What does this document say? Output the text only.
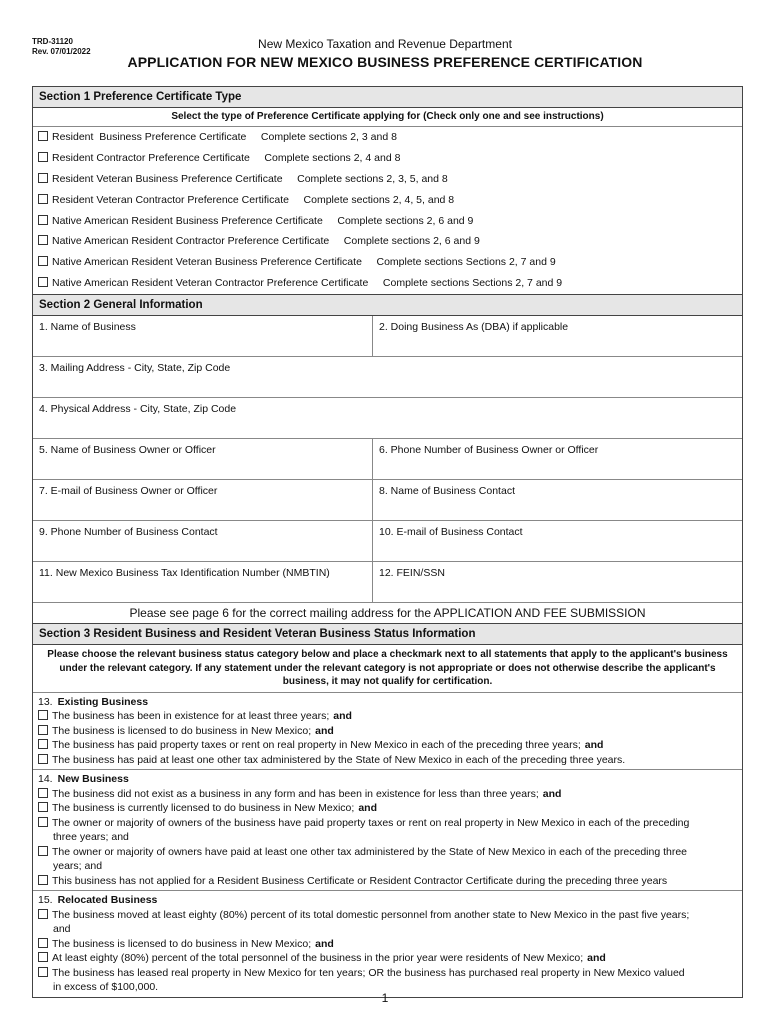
TRD-31120
Rev. 07/01/2022
New Mexico Taxation and Revenue Department
APPLICATION FOR NEW MEXICO BUSINESS PREFERENCE CERTIFICATION
Section 1 Preference Certificate Type
Select the type of Preference Certificate applying for (Check only one and see instructions)
Resident  Business Preference Certificate     Complete sections 2, 3 and 8
Resident Contractor Preference Certificate     Complete sections 2, 4 and 8
Resident Veteran Business Preference Certificate     Complete sections 2, 3, 5, and 8
Resident Veteran Contractor Preference Certificate     Complete sections 2, 4, 5, and 8
Native American Resident Business Preference Certificate     Complete sections 2, 6 and 9
Native American Resident Contractor Preference Certificate     Complete sections 2, 6 and 9
Native American Resident Veteran Business Preference Certificate     Complete sections Sections 2, 7 and 9
Native American Resident Veteran Contractor Preference Certificate     Complete sections Sections 2, 7 and 9
Section 2 General Information
1. Name of Business	2. Doing Business As (DBA) if applicable
3. Mailing Address - City, State, Zip Code
4. Physical Address - City, State, Zip Code
5. Name of Business Owner or Officer	6. Phone Number of Business Owner or Officer
7. E-mail of Business Owner or Officer	8. Name of Business Contact
9. Phone Number of Business Contact	10. E-mail of Business Contact
11. New Mexico Business Tax Identification Number (NMBTIN)	12. FEIN/SSN
Please see page 6 for the correct mailing address for the APPLICATION AND FEE SUBMISSION
Section 3 Resident Business and Resident Veteran Business Status Information
Please choose the relevant business status category below and place a checkmark next to all statements that apply to the applicant's business under the relevant category. If any statement under the relevant category is not appropriate or does not otherwise describe the applicant's business, it may not qualify for certification.
13. Existing Business
The business has been in existence for at least three years; and
The business is licensed to do business in New Mexico; and
The business has paid property taxes or rent on real property in New Mexico in each of the preceding three years; and
The business has paid at least one other tax administered by the State of New Mexico in each of the preceding three years.
14. New Business
The business did not exist as a business in any form and has been in existence for less than three years; and
The business is currently licensed to do business in New Mexico; and
The owner or majority of owners of the business have paid property taxes or rent on real property in New Mexico in each of the preceding
three years; and
The owner or majority of owners have paid at least one other tax administered by the State of New Mexico in each of the preceding three
years; and
This business has not applied for a Resident Business Certificate or Resident Contractor Certificate during the preceding three years
15. Relocated Business
The business moved at least eighty (80%) percent of its total domestic personnel from another state to New Mexico in the past five years;
and
The business is licensed to do business in New Mexico; and
At least eighty (80%) percent of the total personnel of the business in the prior year were residents of New Mexico; and
The business has leased real property in New Mexico for ten years; OR the business has purchased real property in New Mexico valued
in excess of $100,000.
1
